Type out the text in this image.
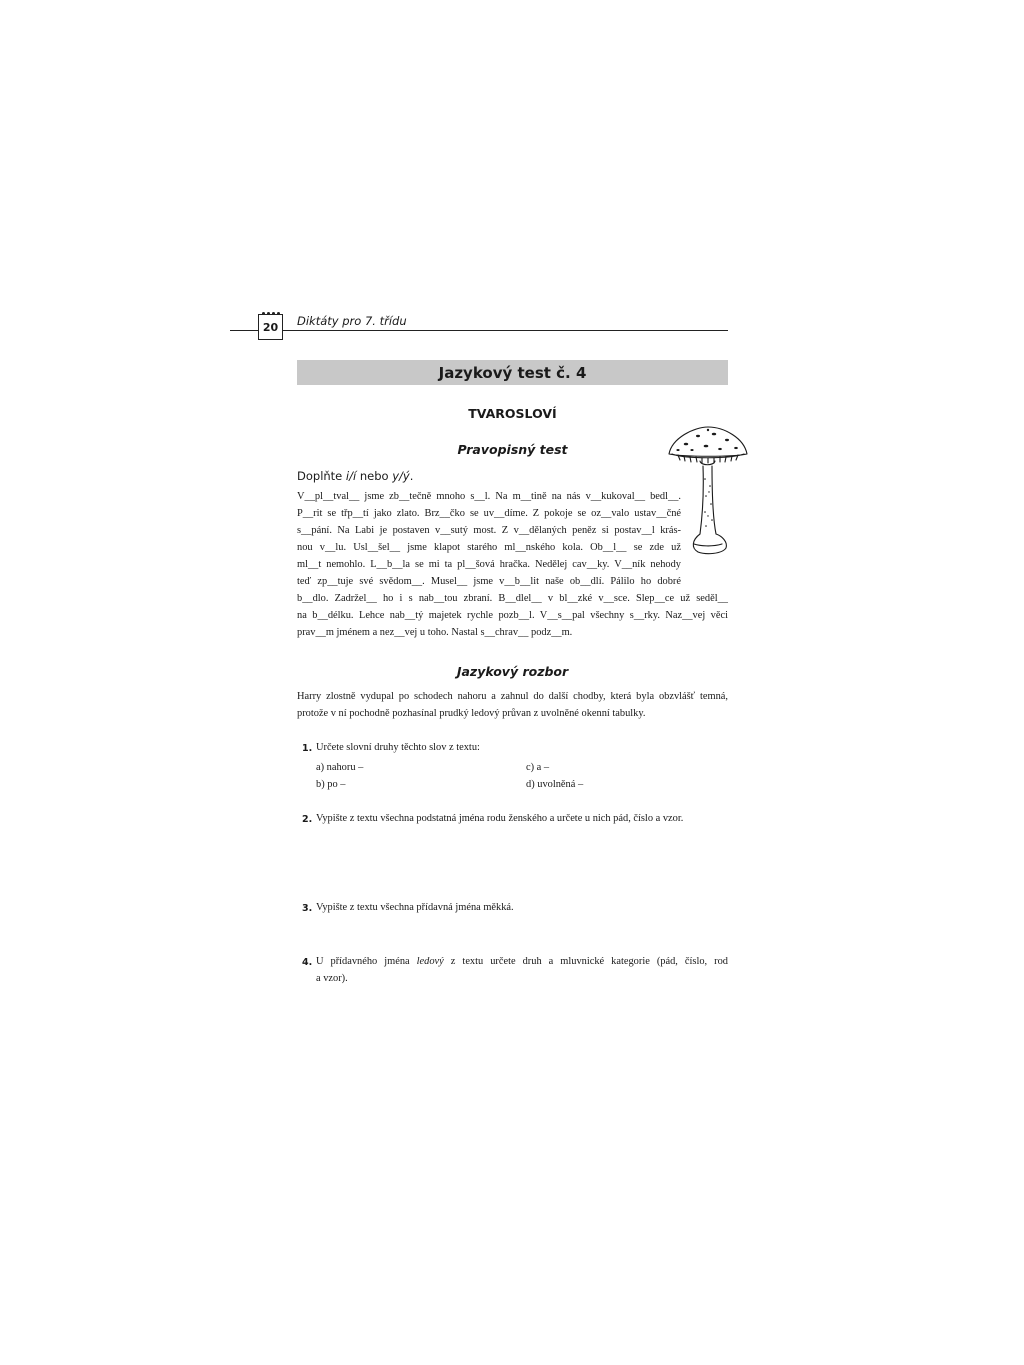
20	Diktáty pro 7. třídu
Jazykový test č. 4
TVAROSLOVÍ
Pravopisný test
Doplňte i/í nebo y/ý.
V__pl__tval__ jsme zb__tečně mnoho s__l. Na m__tině na nás v__kukoval__ bedl__.
P__rit se třp__tí jako zlato. Brz__čko se uv__díme. Z pokoje se oz__valo ustav__čné
s__pání. Na Labi je postaven v__sutý most. Z v__dělaných peněz si postav__l krás-
nou v__lu. Usl__šel__ jsme klapot starého ml__nského kola. Ob__l__ se zde už
ml__t nemohlo. L__b__la se mi ta pl__šová hračka. Nedělej cav__ky. V__ník nehody
teď zp__tuje své svědom__. Musel__ jsme v__b__lit naše ob__dlí. Pálilo ho dobré
b__dlo. Zadržel__ ho i s nab__tou zbraní. B__dlel__ v bl__zké v__sce. Slep__ce už seděl__
na b__délku. Lehce nab__tý majetek rychle pozb__l. V__s__pal všechny s__rky. Naz__vej věci
prav__m jménem a nez__vej u toho. Nastal s__chrav__ podz__m.
Jazykový rozbor
Harry zlostně vydupal po schodech nahoru a zahnul do další chodby, která byla obzvlášť temná,
protože v ní pochodně pozhasínal prudký ledový průvan z uvolněné okenní tabulky.
1. Určete slovní druhy těchto slov z textu:
a) nahoru –
b) po –
c) a –
d) uvolněná –
2. Vypište z textu všechna podstatná jména rodu ženského a určete u nich pád, číslo a vzor.
3. Vypište z textu všechna přídavná jména měkká.
4. U přídavného jména ledový z textu určete druh a mluvnické kategorie (pád, číslo, rod
a vzor).
